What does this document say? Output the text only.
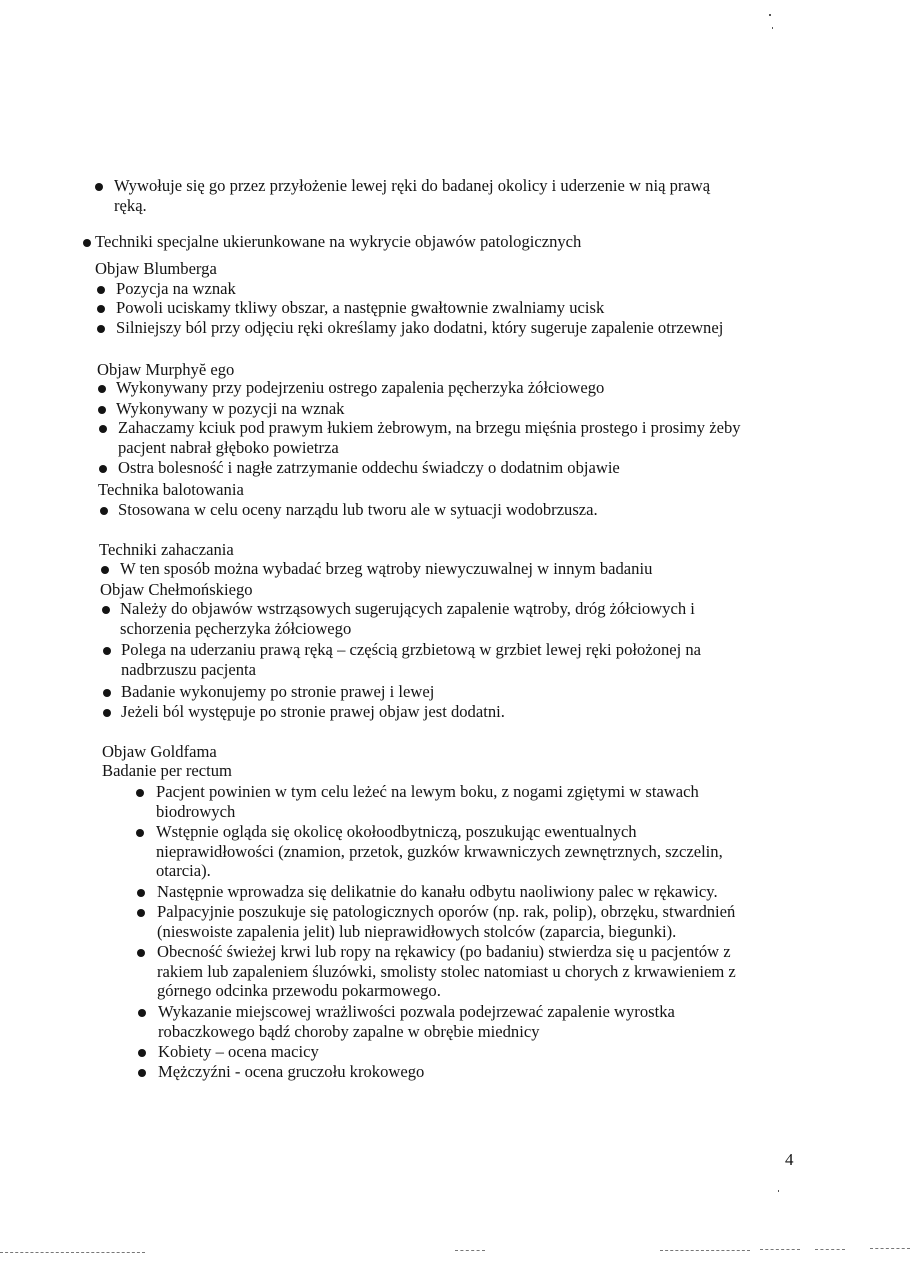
Wywołuje się go przez przyłożenie lewej ręki do badanej okolicy i uderzenie w nią prawą
ręką.
Techniki specjalne ukierunkowane na wykrycie objawów patologicznych
Objaw Blumberga
Pozycja na wznak
Powoli uciskamy tkliwy obszar, a następnie gwałtownie zwalniamy ucisk
Silniejszy ból przy odjęciu ręki określamy jako dodatni, który sugeruje zapalenie otrzewnej
Objaw Murphyĕ ego
Wykonywany przy podejrzeniu ostrego zapalenia pęcherzyka żółciowego
Wykonywany w pozycji na wznak
Zahaczamy kciuk pod prawym łukiem żebrowym, na brzegu mięśnia prostego i prosimy żeby
pacjent nabrał głęboko powietrza
Ostra bolesność i nagłe zatrzymanie oddechu świadczy o dodatnim objawie
Technika balotowania
Stosowana w celu oceny narządu lub tworu ale w sytuacji wodobrzusza.
Techniki zahaczania
W ten sposób można wybadać brzeg wątroby niewyczuwalnej w innym badaniu
Objaw Chełmońskiego
Należy do objawów wstrząsowych sugerujących zapalenie wątroby, dróg żółciowych i
schorzenia pęcherzyka żółciowego
Polega na uderzaniu prawą ręką – częścią grzbietową w grzbiet lewej ręki położonej na
nadbrzuszu pacjenta
Badanie wykonujemy po stronie prawej i lewej
Jeżeli ból występuje po stronie prawej objaw jest dodatni.
Objaw Goldfama
Badanie per rectum
Pacjent powinien w tym celu leżeć na lewym boku, z nogami zgiętymi w stawach
biodrowych
Wstępnie ogląda się okolicę okołoodbytniczą, poszukując ewentualnych
nieprawidłowości (znamion, przetok, guzków krwawniczych zewnętrznych, szczelin,
otarcia).
Następnie wprowadza się delikatnie do kanału odbytu naoliwiony palec w rękawicy.
Palpacyjnie poszukuje się patologicznych oporów (np. rak, polip), obrzęku, stwardnień
(nieswoiste zapalenia jelit) lub nieprawidłowych stolców (zaparcia, biegunki).
Obecność świeżej krwi lub ropy na rękawicy (po badaniu) stwierdza się u pacjentów z
rakiem lub zapaleniem śluzówki, smolisty stolec natomiast u chorych z krwawieniem z
górnego odcinka przewodu pokarmowego.
Wykazanie miejscowej wrażliwości pozwala podejrzewać zapalenie wyrostka
robaczkowego bądź choroby zapalne w obrębie miednicy
Kobiety – ocena macicy
Mężczyźni - ocena gruczołu krokowego
4
